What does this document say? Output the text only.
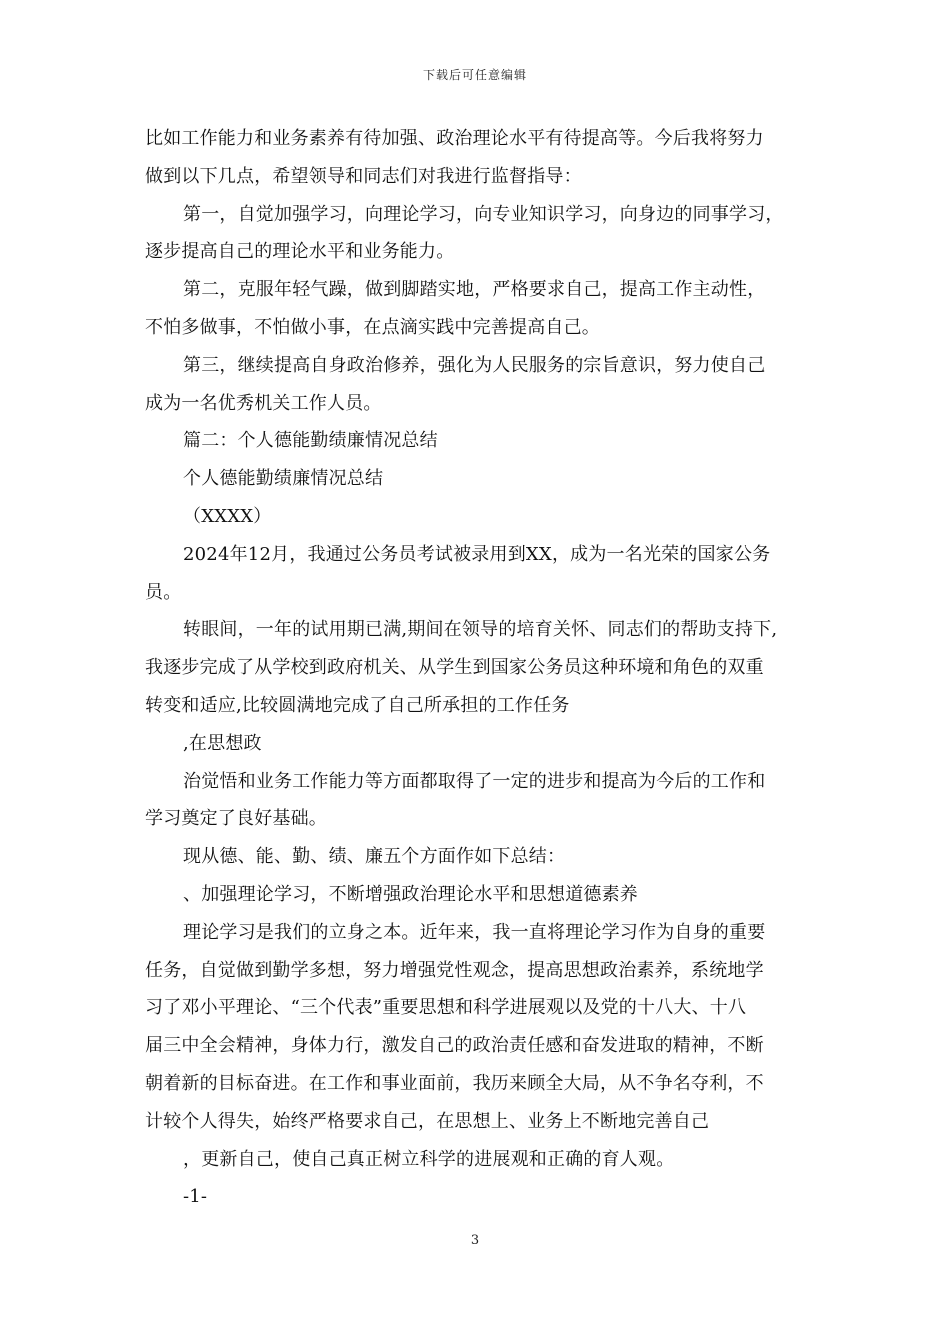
下载后可任意编辑
比如工作能力和业务素养有待加强、政治理论水平有待提高等。今后我将努力
做到以下几点，希望领导和同志们对我进行监督指导：
第一，自觉加强学习，向理论学习，向专业知识学习，向身边的同事学习，
逐步提高自己的理论水平和业务能力。
第二，克服年轻气躁，做到脚踏实地，严格要求自己，提高工作主动性，
不怕多做事，不怕做小事，在点滴实践中完善提高自己。
第三，继续提高自身政治修养，强化为人民服务的宗旨意识，努力使自己
成为一名优秀机关工作人员。
篇二：个人德能勤绩廉情况总结
个人德能勤绩廉情况总结
（XXXX）
2024年12月，我通过公务员考试被录用到XX，成为一名光荣的国家公务
员。
转眼间，一年的试用期已满,期间在领导的培育关怀、同志们的帮助支持下,
我逐步完成了从学校到政府机关、从学生到国家公务员这种环境和角色的双重
转变和适应,比较圆满地完成了自己所承担的工作任务
,在思想政
治觉悟和业务工作能力等方面都取得了一定的进步和提高为今后的工作和
学习奠定了良好基础。
现从德、能、勤、绩、廉五个方面作如下总结：
、加强理论学习，不断增强政治理论水平和思想道德素养
理论学习是我们的立身之本。近年来，我一直将理论学习作为自身的重要
任务，自觉做到勤学多想，努力增强党性观念，提高思想政治素养，系统地学
习了邓小平理论、“三个代表”重要思想和科学进展观以及党的十八大、十八
届三中全会精神，身体力行，激发自己的政治责任感和奋发进取的精神，不断
朝着新的目标奋进。在工作和事业面前，我历来顾全大局，从不争名夺利，不
计较个人得失，始终严格要求自己，在思想上、业务上不断地完善自己
，更新自己，使自己真正树立科学的进展观和正确的育人观。
-1-
3
